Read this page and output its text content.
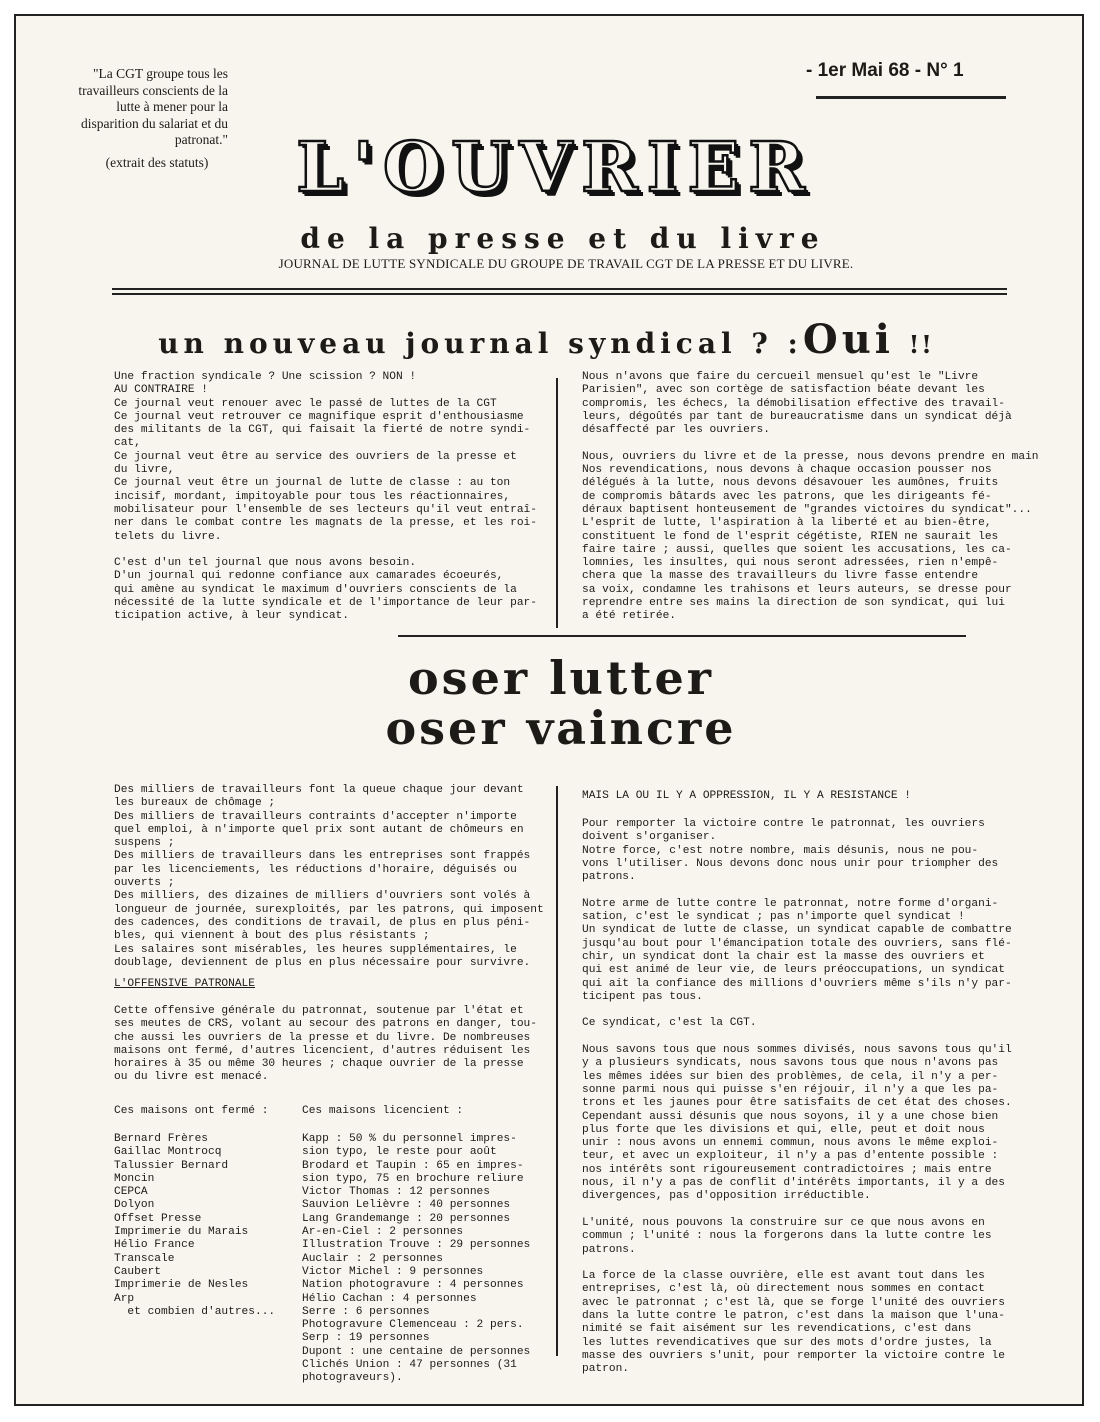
"La CGT groupe tous les travailleurs conscients de la lutte à mener pour la disparition du salariat et du patronat."

(extrait des statuts)

- 1er Mai 68 - N° 1
L'OUVRIER
de la presse et du livre
JOURNAL DE LUTTE SYNDICALE DU GROUPE DE TRAVAIL CGT DE LA PRESSE ET DU LIVRE.
un nouveau journal syndical ? :Oui !!
Une fraction syndicale ? Une scission ? NON !
AU CONTRAIRE !
Ce journal veut renouer avec le passé de luttes de la CGT
Ce journal veut retrouver ce magnifique esprit d'enthousiasme
des militants de la CGT, qui faisait la fierté de notre syndi-
cat,
Ce journal veut être au service des ouvriers de la presse et
du livre,
Ce journal veut être un journal de lutte de classe : au ton
incisif, mordant, impitoyable pour tous les réactionnaires,
mobilisateur pour l'ensemble de ses lecteurs qu'il veut entraî-
ner dans le combat contre les magnats de la presse, et les roi-
telets du livre.

C'est d'un tel journal que nous avons besoin.
D'un journal qui redonne confiance aux camarades écoeurés,
qui amène au syndicat le maximum d'ouvriers conscients de la
nécessité de la lutte syndicale et de l'importance de leur par-
ticipation active, à leur syndicat.
Nous n'avons que faire du cercueil mensuel qu'est le "Livre
Parisien", avec son cortège de satisfaction béate devant les
compromis, les échecs, la démobilisation effective des travail-
leurs, dégoûtés par tant de bureaucratisme dans un syndicat déjà
désaffecté par les ouvriers.

Nous, ouvriers du livre et de la presse, nous devons prendre en main
Nos revendications, nous devons à chaque occasion pousser nos
délégués à la lutte, nous devons désavouer les aumônes, fruits
de compromis bâtards avec les patrons, que les dirigeants fé-
déraux baptisent honteusement de "grandes victoires du syndicat"...
L'esprit de lutte, l'aspiration à la liberté et au bien-être,
constituent le fond de l'esprit cégétiste, RIEN ne saurait les
faire taire ; aussi, quelles que soient les accusations, les ca-
lomnies, les insultes, qui nous seront adressées, rien n'empê-
chera que la masse des travailleurs du livre fasse entendre
sa voix, condamne les trahisons et leurs auteurs, se dresse pour
reprendre entre ses mains la direction de son syndicat, qui lui
a été retirée.
oser lutter
oser vaincre
Des milliers de travailleurs font la queue chaque jour devant
les bureaux de chômage ;
Des milliers de travailleurs contraints d'accepter n'importe
quel emploi, à n'importe quel prix sont autant de chômeurs en
suspens ;
Des milliers de travailleurs dans les entreprises sont frappés
par les licenciements, les réductions d'horaire, déguisés ou
ouverts ;
Des milliers, des dizaines de milliers d'ouvriers sont volés à
longueur de journée, surexploités, par les patrons, qui imposent
des cadences, des conditions de travail, de plus en plus péni-
bles, qui viennent à bout des plus résistants ;
Les salaires sont misérables, les heures supplémentaires, le
doublage, deviennent de plus en plus nécessaire pour survivre.
L'OFFENSIVE PATRONALE
Cette offensive générale du patronnat, soutenue par l'état et
ses meutes de CRS, volant au secour des patrons en danger, tou-
che aussi les ouvriers de la presse et du livre. De nombreuses
maisons ont fermé, d'autres licencient, d'autres réduisent les
horaires à 35 ou même 30 heures ; chaque ouvrier de la presse
ou du livre est menacé.
Ces maisons ont fermé :
Bernard Frères
Gaillac Montrocq
Talussier Bernard
Moncin
CEPCA
Dolyon
Offset Presse
Imprimerie du Marais
Hélio France
Transcale
Caubert
Imprimerie de Nesles
Arp
et combien d'autres...
Ces maisons licencient :
Kapp : 50 % du personnel impres-
sion typo, le reste pour août
Brodard et Taupin : 65 en impres-
sion typo, 75 en brochure reliure
Victor Thomas : 12 personnes
Sauvion Lelièvre : 40 personnes
Lang Grandemange : 20 personnes
Ar-en-Ciel : 2 personnes
Illustration Trouve : 29 personnes
Auclair : 2 personnes
Victor Michel : 9 personnes
Nation photogravure : 4 personnes
Hélio Cachan : 4 personnes
Serre : 6 personnes
Photogravure Clemenceau : 2 pers.
Serp : 19 personnes
Dupont : une centaine de personnes
Clichés Union : 47 personnes (31
photograveurs).
MAIS LA OU IL Y A OPPRESSION, IL Y A RESISTANCE !
Pour remporter la victoire contre le patronnat, les ouvriers
doivent s'organiser.
Notre force, c'est notre nombre, mais désunis, nous ne pou-
vons l'utiliser. Nous devons donc nous unir pour triompher des
patrons.

Notre arme de lutte contre le patronnat, notre forme d'organi-
sation, c'est le syndicat ; pas n'importe quel syndicat !
Un syndicat de lutte de classe, un syndicat capable de combattre
jusqu'au bout pour l'émancipation totale des ouvriers, sans flé-
chir, un syndicat dont la chair est la masse des ouvriers et
qui est animé de leur vie, de leurs préoccupations, un syndicat
qui ait la confiance des millions d'ouvriers même s'ils n'y par-
ticipent pas tous.

Ce syndicat, c'est la CGT.

Nous savons tous que nous sommes divisés, nous savons tous qu'il
y a plusieurs syndicats, nous savons tous que nous n'avons pas
les mêmes idées sur bien des problèmes, de cela, il n'y a per-
sonne parmi nous qui puisse s'en réjouir, il n'y a que les pa-
trons et les jaunes pour être satisfaits de cet état des choses.
Cependant aussi désunis que nous soyons, il y a une chose bien
plus forte que les divisions et qui, elle, peut et doit nous
unir : nous avons un ennemi commun, nous avons le même exploi-
teur, et avec un exploiteur, il n'y a pas d'entente possible :
nos intérêts sont rigoureusement contradictoires ; mais entre
nous, il n'y a pas de conflit d'intérêts importants, il y a des
divergences, pas d'opposition irréductible.

L'unité, nous pouvons la construire sur ce que nous avons en
commun ; l'unité : nous la forgerons dans la lutte contre les
patrons.

La force de la classe ouvrière, elle est avant tout dans les
entreprises, c'est là, où directement nous sommes en contact
avec le patronnat ; c'est là, que se forge l'unité des ouvriers
dans la lutte contre le patron, c'est dans la maison que l'una-
nimité se fait aisément sur les revendications, c'est dans
les luttes revendicatives que sur des mots d'ordre justes, la
masse des ouvriers s'unit, pour remporter la victoire contre le
patron.
